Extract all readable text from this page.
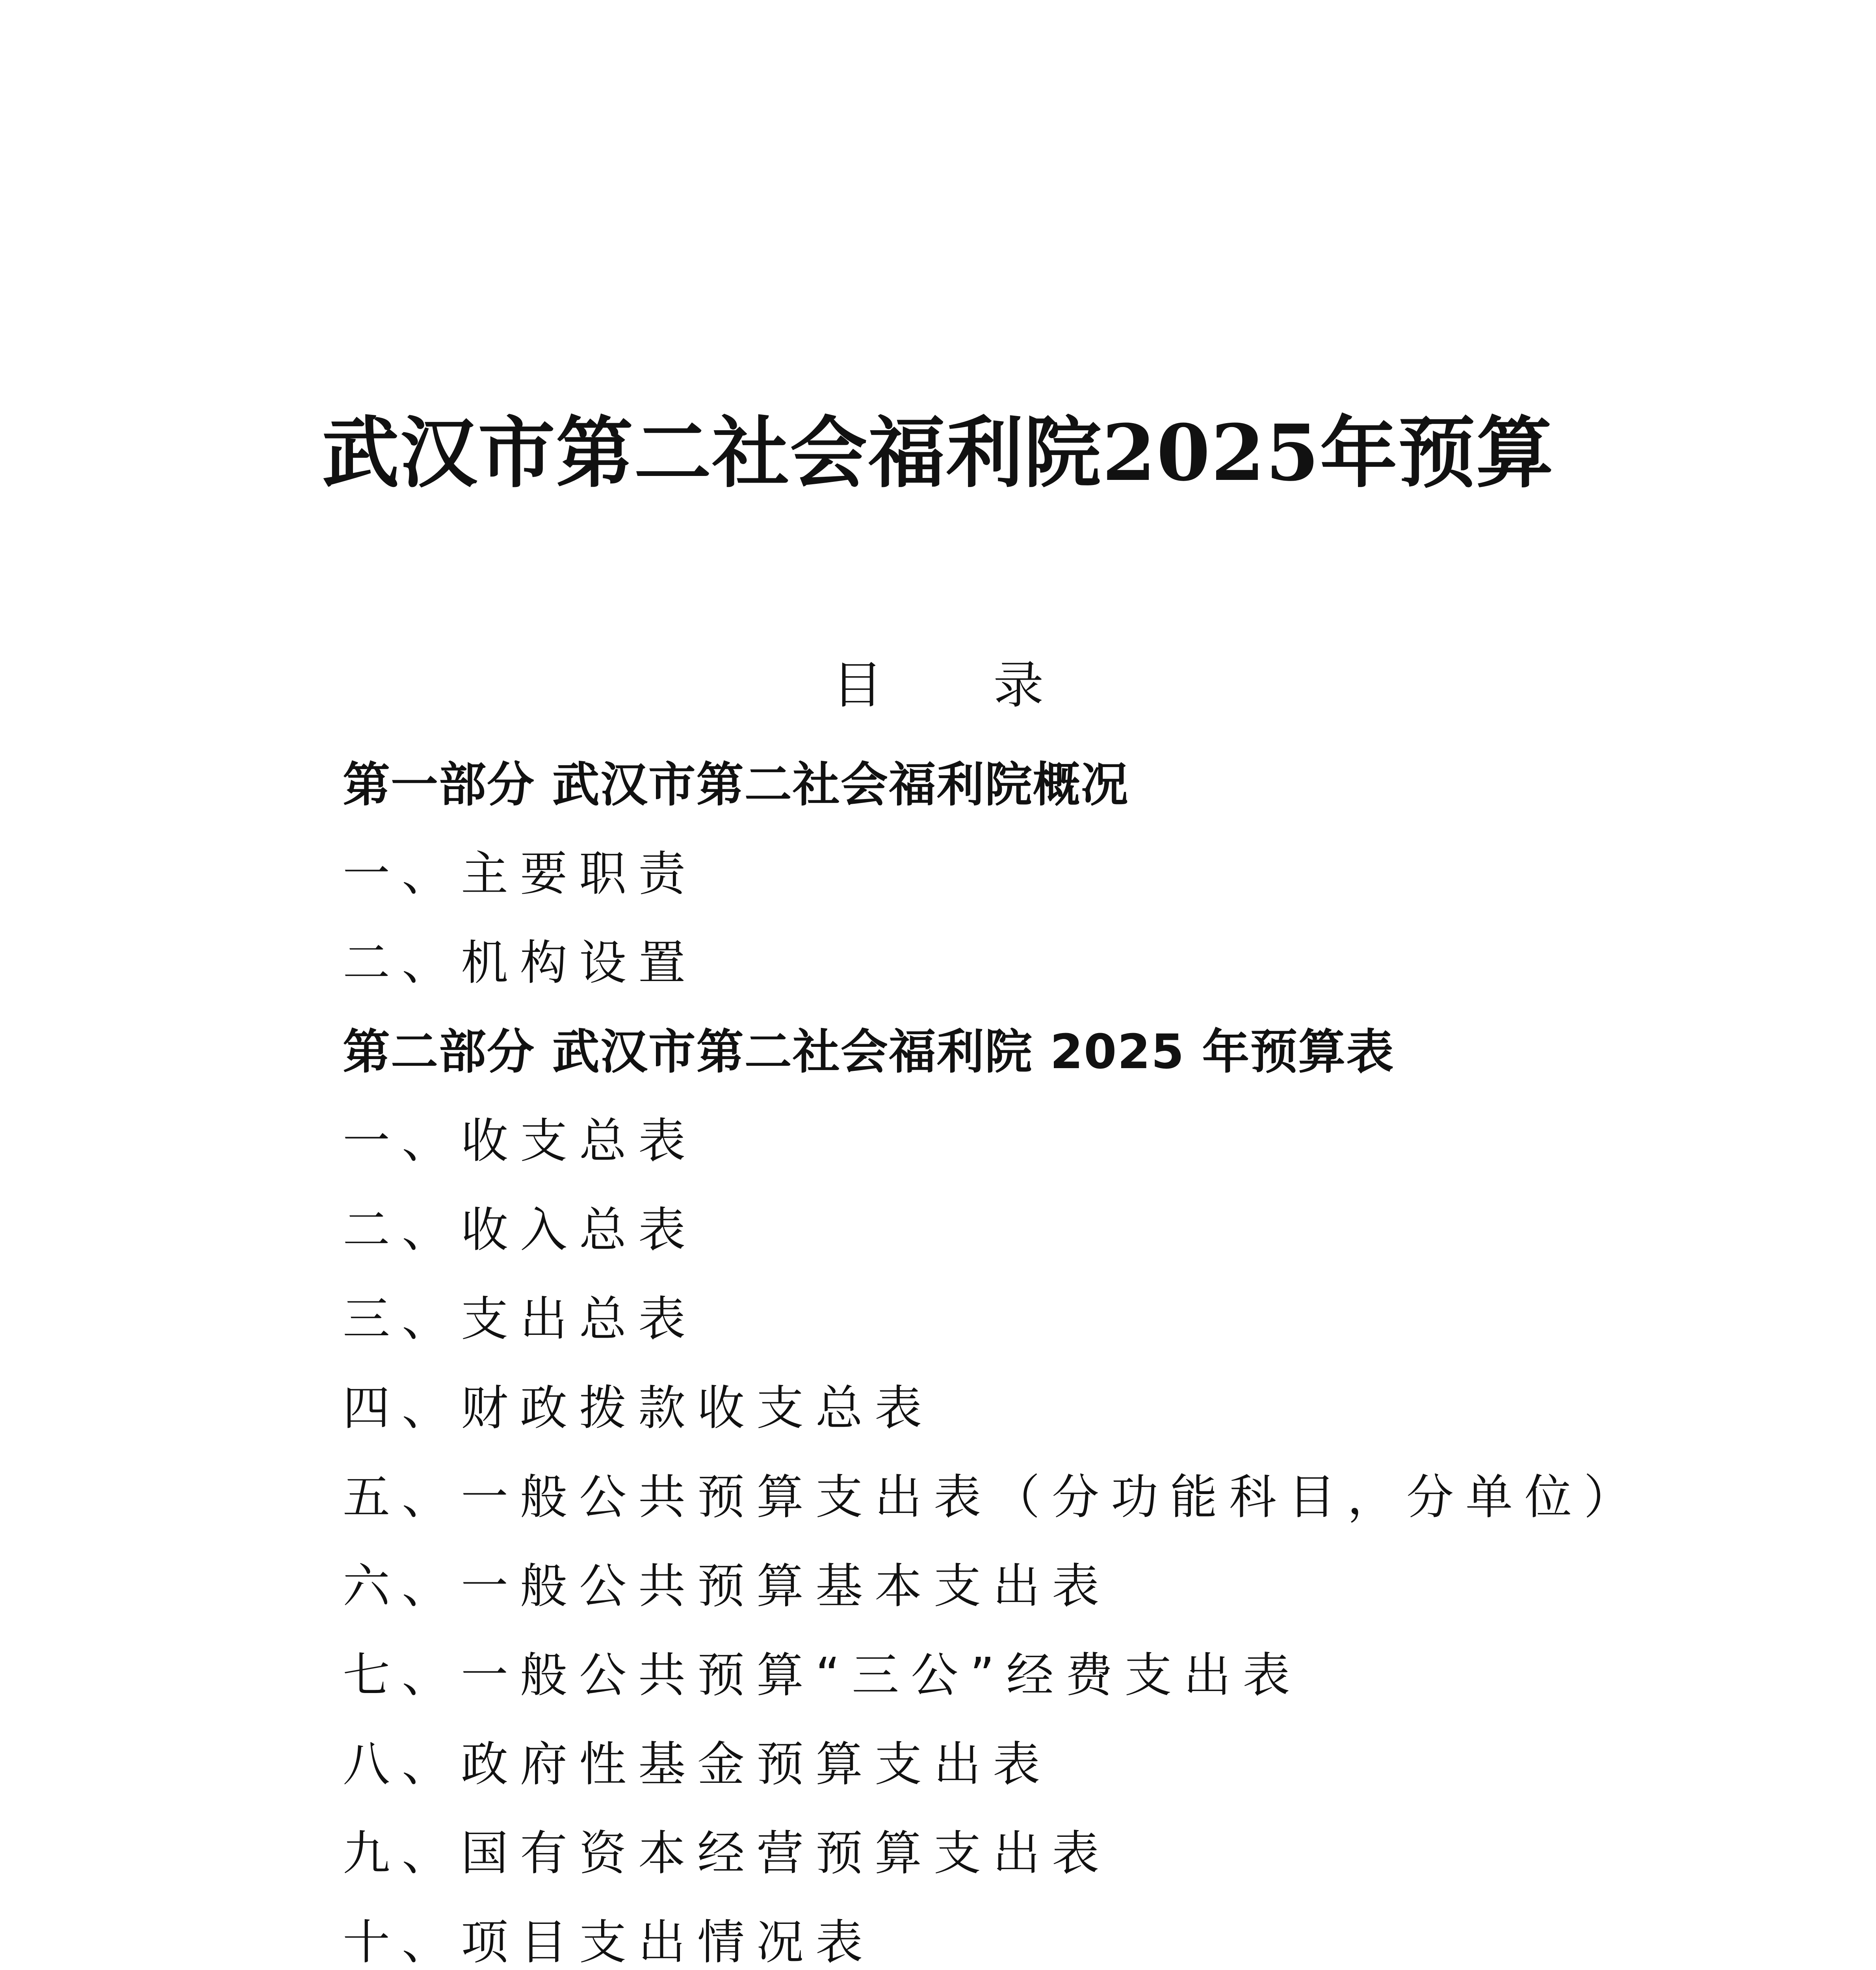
武汉市第二社会福利院2025年预算
目 录
第一部分 武汉市第二社会福利院概况
一、主要职责
二、机构设置
第二部分 武汉市第二社会福利院 2025 年预算表
一、收支总表
二、收入总表
三、支出总表
四、财政拨款收支总表
五、一般公共预算支出表（分功能科目，分单位）
六、一般公共预算基本支出表
七、一般公共预算“三公”经费支出表
八、政府性基金预算支出表
九、国有资本经营预算支出表
十、项目支出情况表
